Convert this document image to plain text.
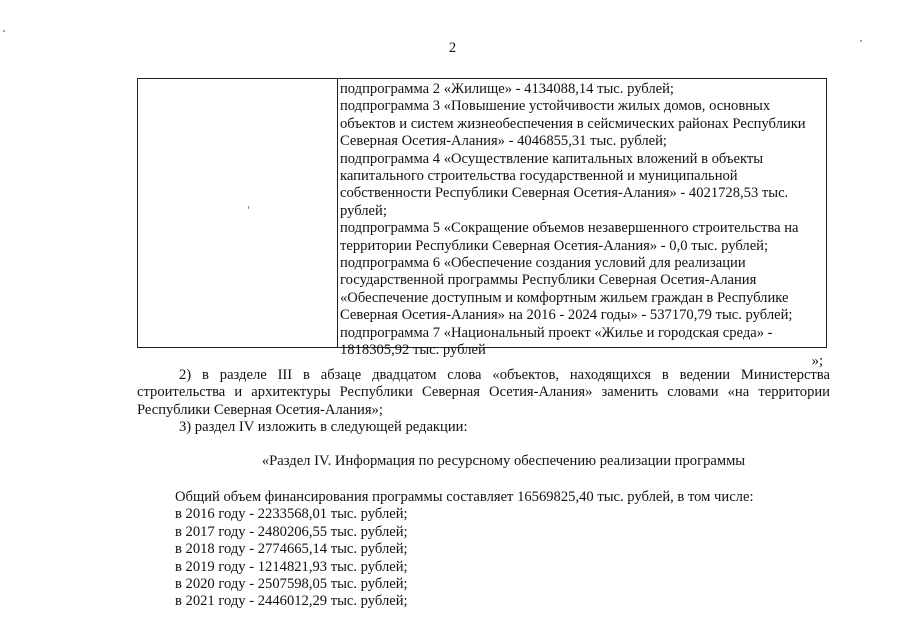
2
подпрограмма 2 «Жилище» - 4134088,14 тыс. рублей;
подпрограмма 3 «Повышение устойчивости жилых домов, основных
объектов и систем жизнеобеспечения в сейсмических районах Республики
Северная Осетия-Алания» - 4046855,31 тыс. рублей;
подпрограмма 4 «Осуществление капитальных вложений в объекты
капитального строительства государственной и муниципальной
собственности Республики Северная Осетия-Алания» - 4021728,53 тыс.
рублей;
подпрограмма 5 «Сокращение объемов незавершенного строительства на
территории Республики Северная Осетия-Алания» - 0,0 тыс. рублей;
подпрограмма 6 «Обеспечение создания условий для реализации
государственной программы Республики Северная Осетия-Алания
«Обеспечение доступным и комфортным жильем граждан в Республике
Северная Осетия-Алания» на 2016 - 2024 годы» - 537170,79 тыс. рублей;
подпрограмма 7 «Национальный проект «Жилье и городская среда» -
1818305,92 тыс. рублей
»;
2) в разделе III в абзаце двадцатом слова «объектов, находящихся в ведении Министерства строительства и архитектуры Республики Северная Осетия-Алания» заменить словами «на территории Республики Северная Осетия-Алания»;
3) раздел IV изложить в следующей редакции:
«Раздел IV. Информация по ресурсному обеспечению реализации программы
Общий объем финансирования программы составляет 16569825,40 тыс. рублей, в том числе:
в 2016 году - 2233568,01 тыс. рублей;
в 2017 году - 2480206,55 тыс. рублей;
в 2018 году - 2774665,14 тыс. рублей;
в 2019 году - 1214821,93 тыс. рублей;
в 2020 году - 2507598,05 тыс. рублей;
в 2021 году - 2446012,29 тыс. рублей;
